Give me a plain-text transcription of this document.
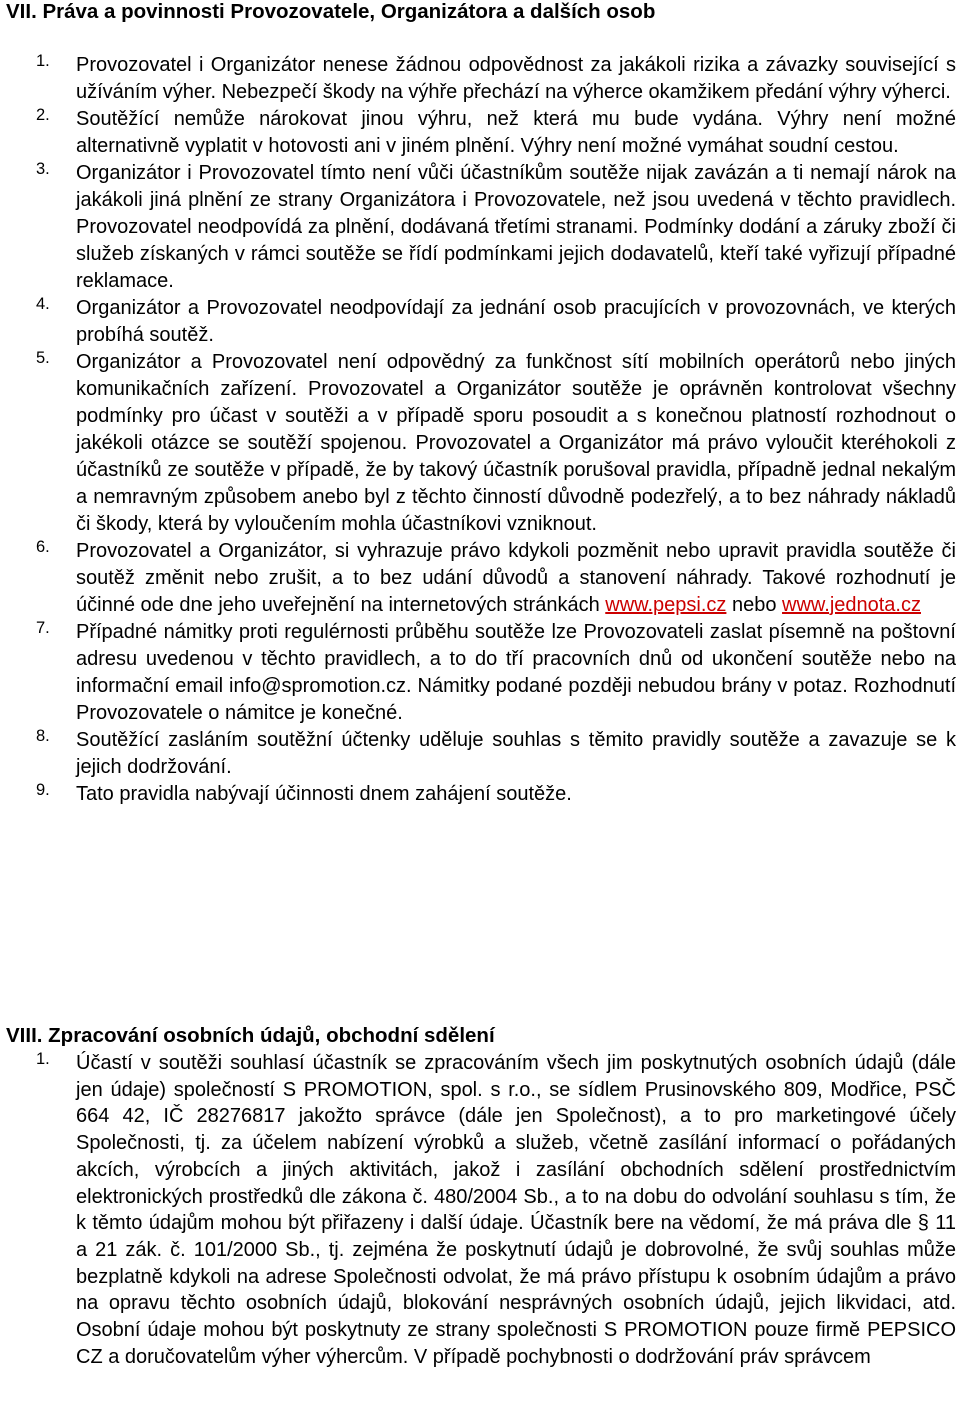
VII. Práva a povinnosti Provozovatele, Organizátora a dalších osob
1. Provozovatel i Organizátor nenese žádnou odpovědnost za jakákoli rizika a závazky související s užíváním výher. Nebezpečí škody na výhře přechází na výherce okamžikem předání výhry výherci.
2. Soutěžící nemůže nárokovat jinou výhru, než která mu bude vydána. Výhry není možné alternativně vyplatit v hotovosti ani v jiném plnění. Výhry není možné vymáhat soudní cestou.
3. Organizátor i Provozovatel tímto není vůči účastníkům soutěže nijak zavázán a ti nemají nárok na jakákoli jiná plnění ze strany Organizátora i Provozovatele, než jsou uvedená v těchto pravidlech. Provozovatel neodpovídá za plnění, dodávaná třetími stranami. Podmínky dodání a záruky zboží či služeb získaných v rámci soutěže se řídí podmínkami jejich dodavatelů, kteří také vyřizují případné reklamace.
4. Organizátor a Provozovatel neodpovídají za jednání osob pracujících v provozovnách, ve kterých probíhá soutěž.
5. Organizátor a Provozovatel není odpovědný za funkčnost sítí mobilních operátorů nebo jiných komunikačních zařízení. Provozovatel a Organizátor soutěže je oprávněn kontrolovat všechny podmínky pro účast v soutěži a v případě sporu posoudit a s konečnou platností rozhodnout o jakékoli otázce se soutěží spojenou. Provozovatel a Organizátor má právo vyloučit kteréhokoli z účastníků ze soutěže v případě, že by takový účastník porušoval pravidla, případně jednal nekalým a nemravným způsobem anebo byl z těchto činností důvodně podezřelý, a to bez náhrady nákladů či škody, která by vyloučením mohla účastníkovi vzniknout.
6. Provozovatel a Organizátor, si vyhrazuje právo kdykoli pozměnit nebo upravit pravidla soutěže či soutěž změnit nebo zrušit, a to bez udání důvodů a stanovení náhrady. Takové rozhodnutí je účinné ode dne jeho uveřejnění na internetových stránkách www.pepsi.cz nebo www.jednota.cz
7. Případné námitky proti regulérnosti průběhu soutěže lze Provozovateli zaslat písemně na poštovní adresu uvedenou v těchto pravidlech, a to do tří pracovních dnů od ukončení soutěže nebo na informační email info@spromotion.cz. Námitky podané později nebudou brány v potaz. Rozhodnutí Provozovatele o námitce je konečné.
8. Soutěžící zasláním soutěžní účtenky uděluje souhlas s těmito pravidly soutěže a zavazuje se k jejich dodržování.
9. Tato pravidla nabývají účinnosti dnem zahájení soutěže.
VIII. Zpracování osobních údajů, obchodní sdělení
1. Účastí v soutěži souhlasí účastník se zpracováním všech jim poskytnutých osobních údajů (dále jen údaje) společností S PROMOTION, spol. s r.o., se sídlem Prusinovského 809, Modřice, PSČ 664 42, IČ 28276817 jakožto správce (dále jen Společnost), a to pro marketingové účely Společnosti, tj. za účelem nabízení výrobků a služeb, včetně zasílání informací o pořádaných akcích, výrobcích a jiných aktivitách, jakož i zasílání obchodních sdělení prostřednictvím elektronických prostředků dle zákona č. 480/2004 Sb., a to na dobu do odvolání souhlasu s tím, že k těmto údajům mohou být přiřazeny i další údaje. Účastník bere na vědomí, že má práva dle § 11 a 21 zák. č. 101/2000 Sb., tj. zejména že poskytnutí údajů je dobrovolné, že svůj souhlas může bezplatně kdykoli na adrese Společnosti odvolat, že má právo přístupu k osobním údajům a právo na opravu těchto osobních údajů, blokování nesprávných osobních údajů, jejich likvidaci, atd. Osobní údaje mohou být poskytnuty ze strany společnosti S PROMOTION pouze firmě PEPSICO CZ a doručovatelům výher výhercům. V případě pochybnosti o dodržování práv správcem
